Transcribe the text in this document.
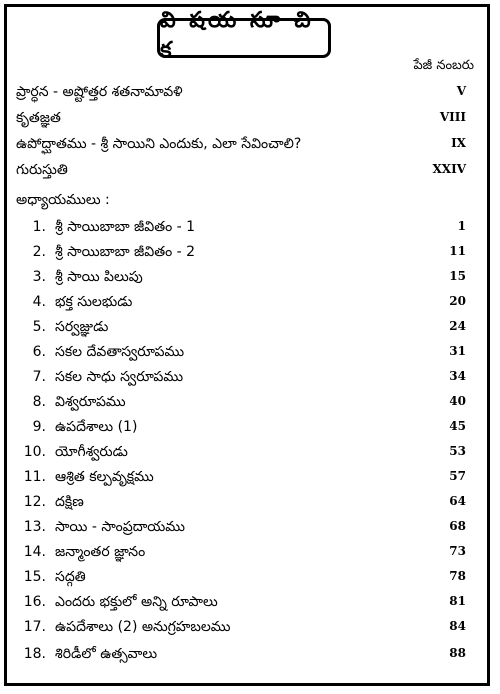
వి షయ సూ చి క
పేజీ నంబరు
ప్రార్ధన - అష్టోత్తర శతనామావళి	V
కృతజ్ఞత	VIII
ఉపోద్ఘాతము - శ్రీ సాయిని ఎందుకు, ఎలా సేవించాలి?	IX
గురుస్తుతి	XXIV
అధ్యాయములు :
1. శ్రీ సాయిబాబా జీవితం - 1	1
2. శ్రీ సాయిబాబా జీవితం - 2	11
3. శ్రీ సాయి పిలుపు	15
4. భక్త సులభుడు	20
5. సర్వజ్ఞుడు	24
6. సకల దేవతాస్వరూపము	31
7. సకల సాధు స్వరూపము	34
8. విశ్వరూపము	40
9. ఉపదేశాలు (1)	45
10. యోగీశ్వరుడు	53
11. ఆశ్రిత కల్పవృక్షము	57
12. దక్షిణ	64
13. సాయి - సాంప్రదాయము	68
14. జన్మాంతర జ్ఞానం	73
15. సద్గతి	78
16. ఎందరు భక్తులో అన్ని రూపాలు	81
17. ఉపదేశాలు (2) అనుగ్రహబలము	84
18. శిరిడీలో ఉత్సవాలు	88
